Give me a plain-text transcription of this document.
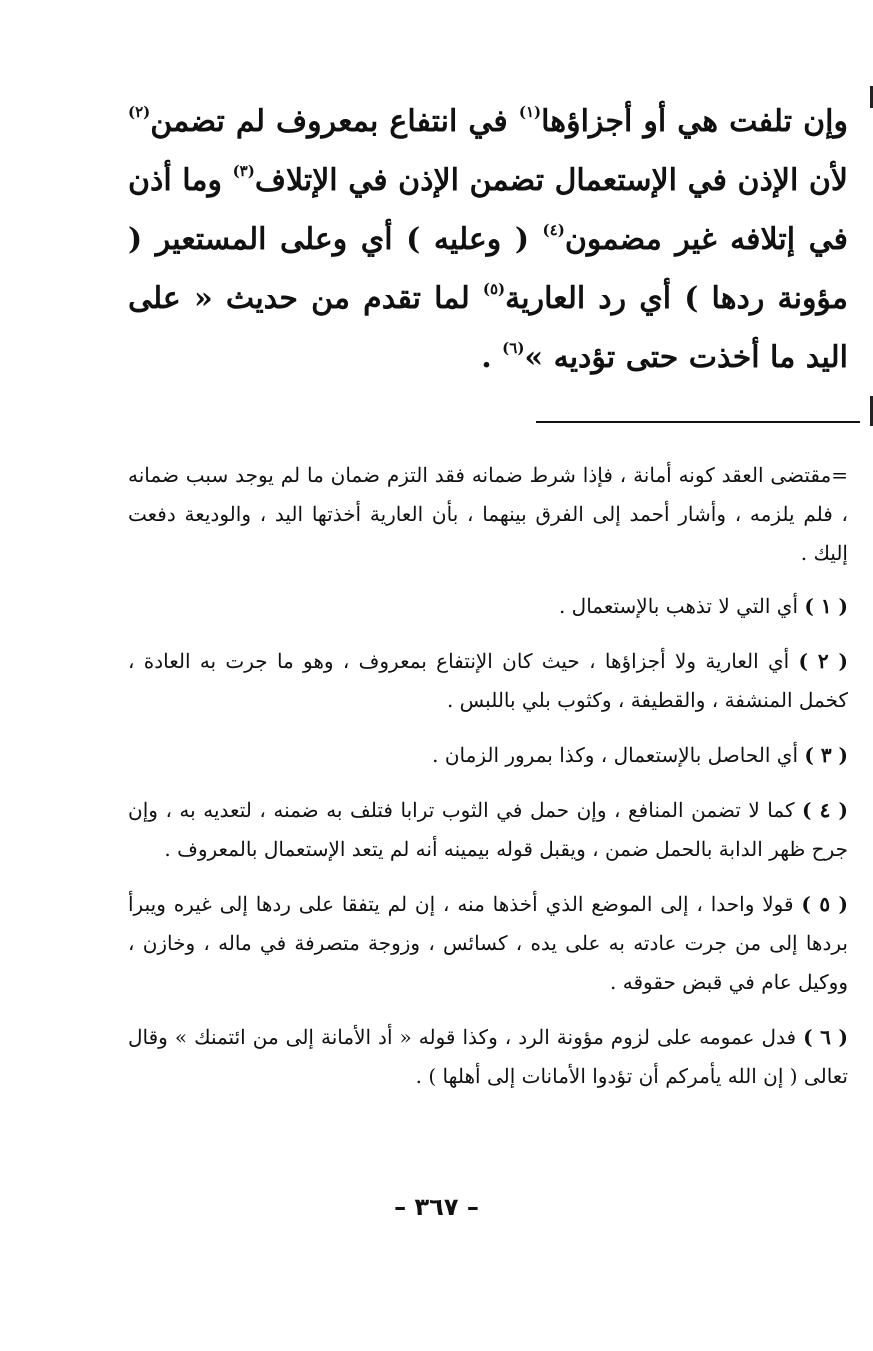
وإن تلفت هي أو أجزاؤها$^{(١)}$ في انتفاع بمعروف لم تضمن$^{(٢)}$ لأن الإذن في الإستعمال تضمن الإذن في الإتلاف$^{(٣)}$ وما أذن في إتلافه غير مضمون$^{(٤)}$ ( وعليه ) أي وعلى المستعير ( مؤونة ردها ) أي رد العارية$^{(٥)}$ لما تقدم من حديث « على اليد ما أخذت حتى تؤديه »$^{(٦)}$ .

=مقتضى العقد كونه أمانة ، فإذا شرط ضمانه فقد التزم ضمان ما لم يوجد سبب ضمانه ، فلم يلزمه ، وأشار أحمد إلى الفرق بينهما ، بأن العارية أخذتها اليد ، والوديعة دفعت إليك .
( ١ ) أي التي لا تذهب بالإستعمال .
( ٢ ) أي العارية ولا أجزاؤها ، حيث كان الإنتفاع بمعروف ، وهو ما جرت به العادة ، كخمل المنشفة ، والقطيفة ، وكثوب بلي باللبس .
( ٣ ) أي الحاصل بالإستعمال ، وكذا بمرور الزمان .
( ٤ ) كما لا تضمن المنافع ، وإن حمل في الثوب ترابا فتلف به ضمنه ، لتعديه به ، وإن جرح ظهر الدابة بالحمل ضمن ، ويقبل قوله بيمينه أنه لم يتعد الإستعمال بالمعروف .
( ٥ ) قولا واحدا ، إلى الموضع الذي أخذها منه ، إن لم يتفقا على ردها إلى غيره ويبرأ بردها إلى من جرت عادته به على يده ، كسائس ، وزوجة متصرفة في ماله ، وخازن ، ووكيل عام في قبض حقوقه .
( ٦ ) فدل عمومه على لزوم مؤونة الرد ، وكذا قوله « أد الأمانة إلى من ائتمنك » وقال تعالى ( إن الله يأمركم أن تؤدوا الأمانات إلى أهلها ) .
– ٣٦٧ –
